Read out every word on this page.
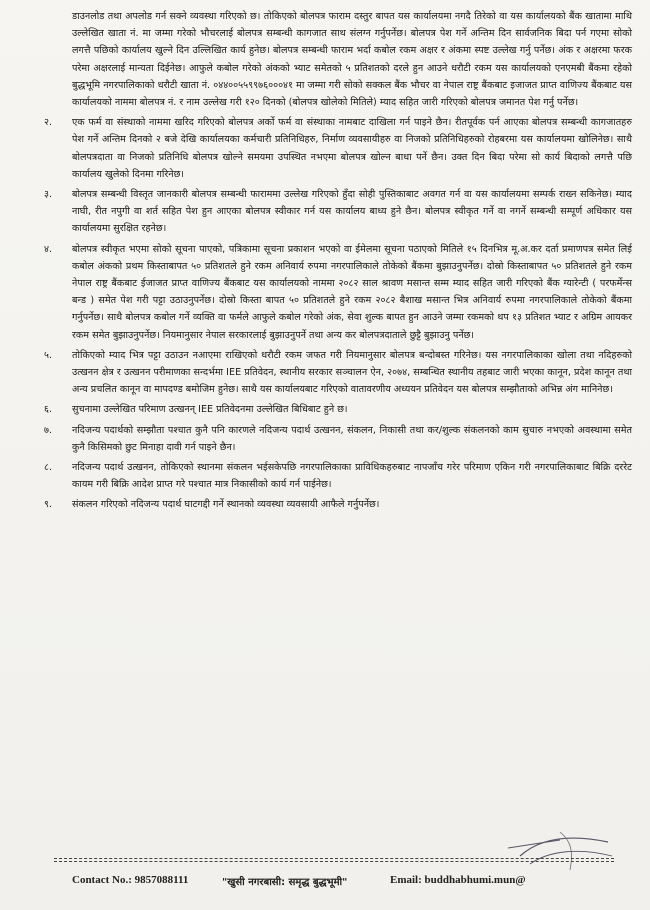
डाउनलोड तथा अपलोड गर्न सक्ने व्यवस्था गरिएको छ। तोकिएको बोलपत्र फाराम दस्तुर बापत यस कार्यालयमा नगदै तिरेको वा यस कार्यालयको बैंक खातामा माथि उल्लेखित खाता नं. मा जम्मा गरेको भौचरलाई बोलपत्र सम्बन्धी कागजात साथ संलग्न गर्नुपर्नेछ। बोलपत्र पेश गर्ने अन्तिम दिन सार्वजनिक बिदा पर्न गएमा सोको लगत्तै पछिको कार्यालय खुल्ने दिन उल्लिखित कार्य हुनेछ। बोलपत्र सम्बन्धी फाराम भर्दा कबोल रकम अक्षर र अंकमा स्पष्ट उल्लेख गर्नु पर्नेछ। अंक र अक्षरमा फरक परेमा अक्षरलाई मान्यता दिईनेछ। आफुले कबोल गरेको अंकको भ्याट समेतको ५ प्रतिशतको दरले हुन आउने धरौटी रकम यस कार्यालयको एनएमबी बैंकमा रहेको बुद्धभूमि नगरपालिकाको धरौटी खाता नं. ०४४००५५९९७६०००४१ मा जम्मा गरी सोको सक्कल बैंक भौचर वा नेपाल राष्ट्र बैंकबाट इजाजत प्राप्त वाणिज्य बैंकबाट यस कार्यालयको नाममा बोलपत्र नं. र नाम उल्लेख गरी १२० दिनको (बोलपत्र खोलेको मितिले) म्याद सहित जारी गरिएको बोलपत्र जमानत पेश गर्नु पर्नेछ।

२.	एक फर्म वा संस्थाको नाममा खरिद गरिएको बोलपत्र अर्को फर्म वा संस्थाका नामबाट दाखिला गर्न पाइने छैन। रीतपूर्वक पर्न आएका बोलपत्र सम्बन्धी कागजातहरु पेश गर्ने अन्तिम दिनको २ बजे देखि कार्यालयका कर्मचारी प्रतिनिधिहरु, निर्माण व्यवसायीहरु वा निजको प्रतिनिधिहरुको रोहबरमा यस कार्यालयमा खोलिनेछ। साथै बोलपत्रदाता वा निजको प्रतिनिधि बोलपत्र खोल्ने समयमा उपस्थित नभएमा बोलपत्र खोल्न बाधा पर्ने छैन। उक्त दिन बिदा परेमा सो कार्य बिदाको लगत्तै पछि कार्यालय खुलेको दिनमा गरिनेछ।
३.	बोलपत्र सम्बन्धी विस्तृत जानकारी बोलपत्र सम्बन्धी फाराममा उल्लेख गरिएको हुँदा सोही पुस्तिकाबाट अवगत गर्न वा यस कार्यालयमा सम्पर्क राख्न सकिनेछ। म्याद नाघी, रीत नपुगी वा शर्त सहित पेश हुन आएका बोलपत्र स्वीकार गर्न यस कार्यालय बाध्य हुने छैन। बोलपत्र स्वीकृत गर्ने वा नगर्ने सम्बन्धी सम्पूर्ण अधिकार यस कार्यालयमा सुरक्षित रहनेछ।
४.	बोलपत्र स्वीकृत भएमा सोको सूचना पाएको, पत्रिकामा सूचना प्रकाशन भएको वा ईमेलमा सूचना पठाएको मितिले १५ दिनभित्र मू.अ.कर दर्ता प्रमाणपत्र समेत लिई कबोल अंकको प्रथम किस्ताबापत ५० प्रतिशतले हुने रकम अनिवार्य रुपमा नगरपालिकाले तोकेको बैंकमा बुझाउनुपर्नेछ। दोस्रो किस्ताबापत ५० प्रतिशतले हुने रकम नेपाल राष्ट्र बैंकबाट ईजाजत प्राप्त वाणिज्य बैंकबाट यस कार्यालयको नाममा २०८२ साल श्रावण मसान्त सम्म म्याद सहित जारी गरिएको बैंक ग्यारेन्टी ( परफर्मेन्स बन्ड ) समेत पेश गरी पट्टा उठाउनुपर्नेछ। दोस्रो किस्ता बापत ५० प्रतिशतले हुने रकम २०८२ बैशाख मसान्त भित्र अनिवार्य रुपमा नगरपालिकाले तोकेको बैंकमा गर्नुपर्नेछ। साथै बोलपत्र कबोल गर्ने व्यक्ति वा फर्मले आफुले कबोल गरेको अंक, सेवा शुल्क बापत हुन आउने जम्मा रकमको थप १३ प्रतिशत भ्याट र अग्रिम आयकर रकम समेत बुझाउनुपर्नेछ। नियमानुसार नेपाल सरकारलाई बुझाउनुपर्ने तथा अन्य कर बोलपत्रदाताले छुट्टै बुझाउनु पर्नेछ।
५.	तोकिएको म्याद भित्र पट्टा उठाउन नआएमा राखिएको धरौटी रकम जफत गरी नियमानुसार बोलपत्र बन्दोबस्त गरिनेछ। यस नगरपालिकाका खोला तथा नदिहरुको उत्खनन क्षेत्र र उत्खनन परीमाणका सन्दर्भमा IEE प्रतिवेदन, स्थानीय सरकार सञ्चालन ऐन, २०७४, सम्बन्धित स्थानीय तहबाट जारी भएका कानून, प्रदेश कानून तथा अन्य प्रचलित कानून वा मापदण्ड बमोजिम हुनेछ। साथै यस कार्यालयबाट गरिएको वातावरणीय अध्ययन प्रतिवेदन यस बोलपत्र सम्झौताको अभिन्न अंग मानिनेछ।
६.	सुचनामा उल्लेखित परिमाण उत्खनन् IEE प्रतिवेदनमा उल्लेखित बिधिबाट हुने छ।
७.	नदिजन्य पदार्थको सम्झौता पश्चात कुनै पनि कारणले नदिजन्य पदार्थ उत्खनन, संकलन, निकासी तथा कर/शुल्क संकलनको काम सुचारु नभएको अवस्थामा समेत कुनै किसिमको छुट मिनाहा दावी गर्न पाइने छैन।
८.	नदिजन्य पदार्थ उत्खनन, तोकिएको स्थानमा संकलन भईसकेपछि नगरपालिकाका प्राविधिकहरुबाट नापजाँच गरेर परिमाण एकिन गरी नगरपालिकाबाट बिक्रि दररेट कायम गरी बिक्रि आदेश प्राप्त गरे पश्चात मात्र निकासीको कार्य गर्न पाईनेछ।
९.	संकलन गरिएको नदिजन्य पदार्थ घाटगद्दी गर्ने स्थानको व्यवस्था व्यवसायी आफैले गर्नुपर्नेछ।
Contact No.: 9857088111	"खुसी नगरबासी: समृद्ध बुद्धभूमी"	Email: buddhabhumi.mun@
